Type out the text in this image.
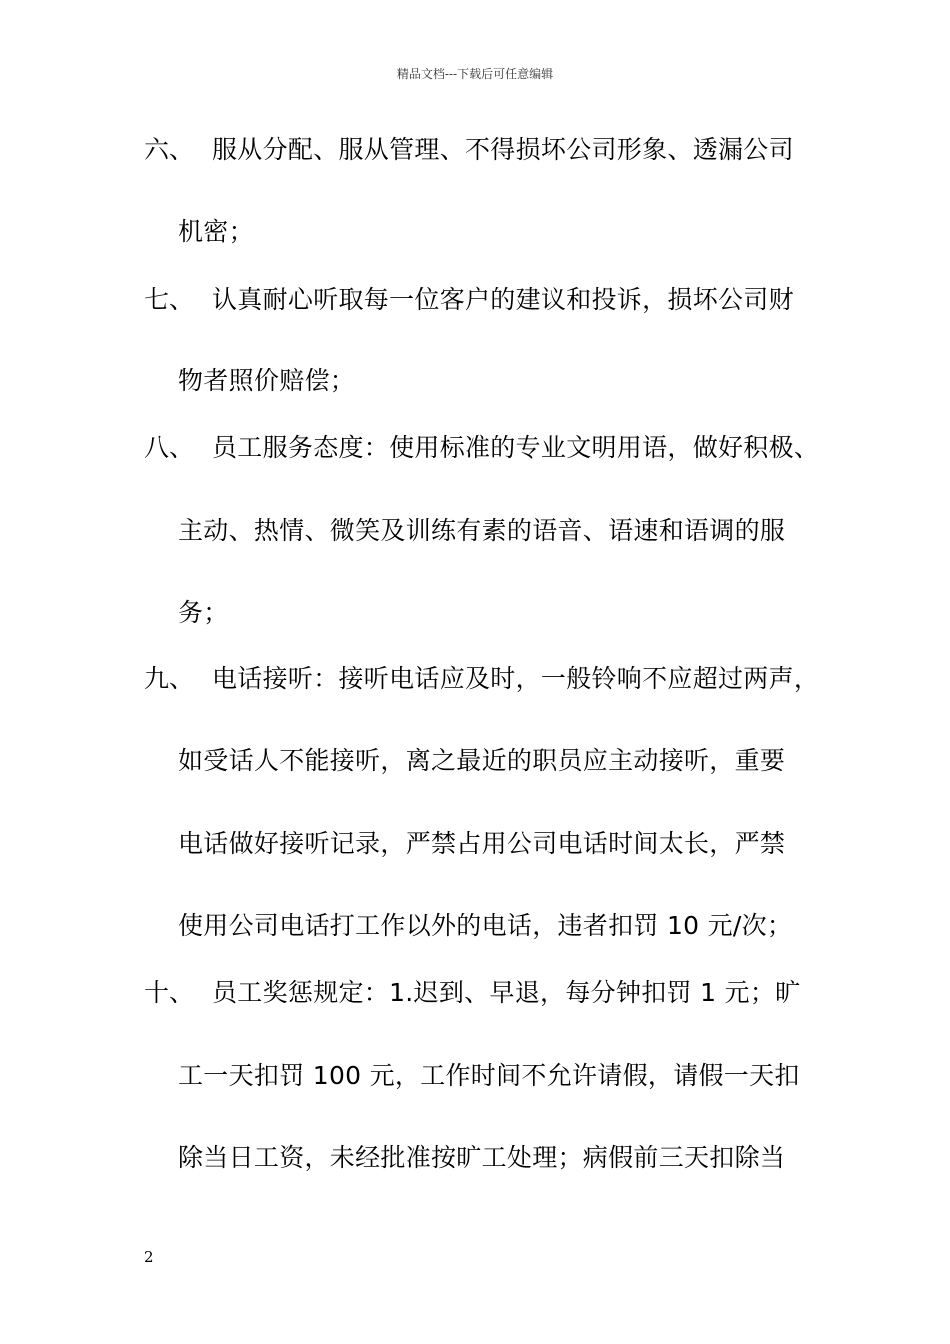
精品文档---下载后可任意编辑
六、 服从分配、服从管理、不得损坏公司形象、透漏公司
机密；
七、 认真耐心听取每一位客户的建议和投诉，损坏公司财
物者照价赔偿；
八、 员工服务态度：使用标准的专业文明用语，做好积极、
主动、热情、微笑及训练有素的语音、语速和语调的服
务；
九、 电话接听：接听电话应及时，一般铃响不应超过两声，
如受话人不能接听，离之最近的职员应主动接听，重要
电话做好接听记录，严禁占用公司电话时间太长，严禁
使用公司电话打工作以外的电话，违者扣罚 10 元/次；
十、 员工奖惩规定：1.迟到、早退，每分钟扣罚 1 元；旷
工一天扣罚 100 元，工作时间不允许请假，请假一天扣
除当日工资，未经批准按旷工处理；病假前三天扣除当
2
